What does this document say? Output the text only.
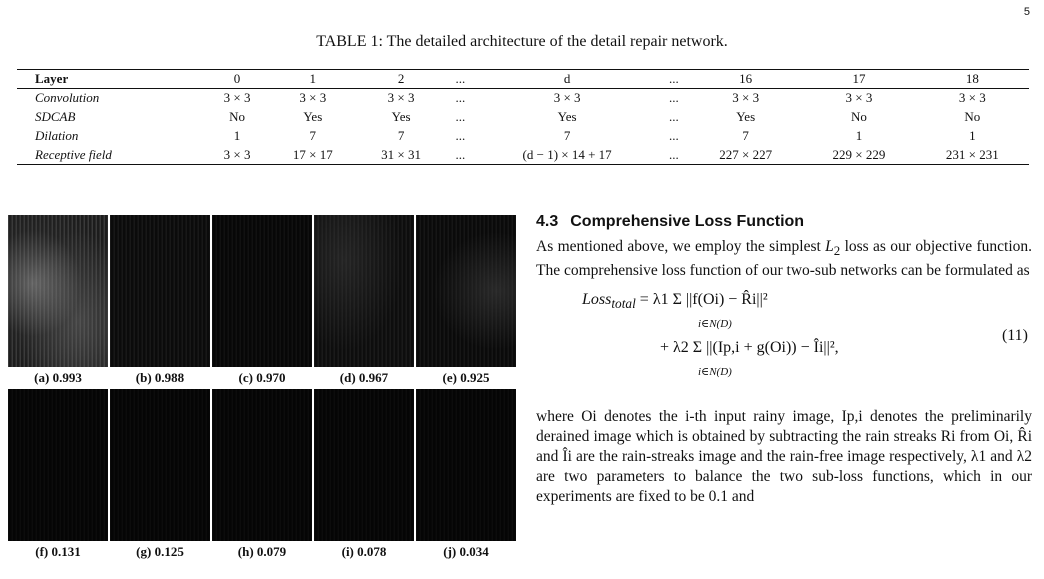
5
TABLE 1: The detailed architecture of the detail repair network.
Layer	0	1	2	...	d	...	16	17	18
Convolution	3 × 3	3 × 3	3 × 3	...	3 × 3	...	3 × 3	3 × 3	3 × 3
SDCAB	No	Yes	Yes	...	Yes	...	Yes	No	No
Dilation	1	7	7	...	7	...	7	1	1
Receptive field	3 × 3	17 × 17	31 × 31	...	(d − 1) × 14 + 17	...	227 × 227	229 × 229	231 × 231
(a) 0.993	(b) 0.988	(c) 0.970	(d) 0.967	(e) 0.925
(f) 0.131	(g) 0.125	(h) 0.079	(i) 0.078	(j) 0.034
4.3 Comprehensive Loss Function

As mentioned above, we employ the simplest $L_2$ loss as our objective function. The comprehensive loss function of our two-sub networks can be formulated as

Loss$_{total}$ = λ1 Σ ||f(Oi) − R̂i||²
i∈N(D)
+ λ2 Σ ||(Ip,i + g(Oi)) − Îi||²,
i∈N(D)
(11)

where Oi denotes the i-th input rainy image, Ip,i denotes the preliminarily derained image which is obtained by subtracting the rain streaks Ri from Oi, R̂i and Îi are the rain-streaks image and the rain-free image respectively, λ1 and λ2 are two parameters to balance the two sub-loss functions, which in our experiments are fixed to be 0.1 and
